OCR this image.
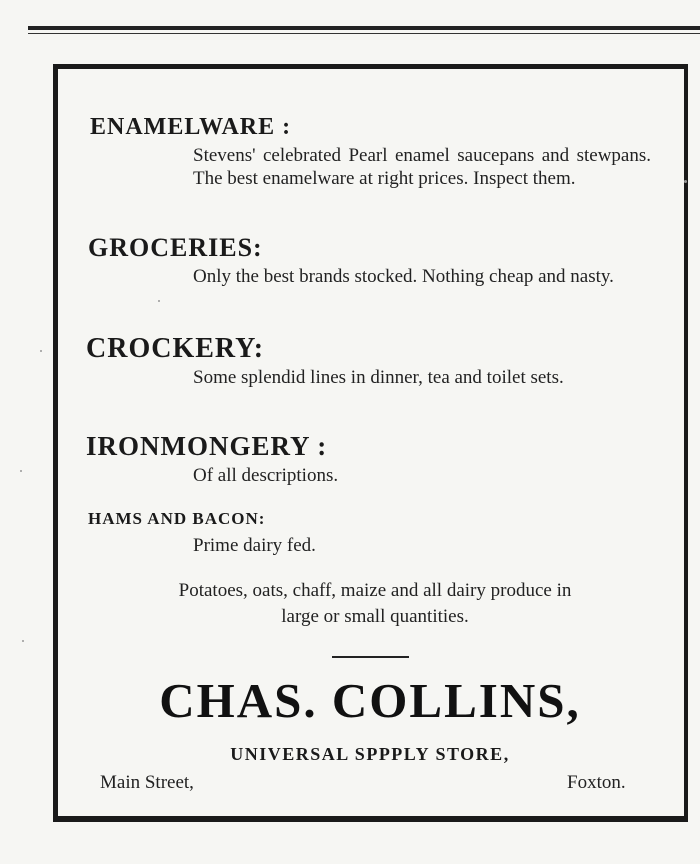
ENAMELWARE :
Stevens' celebrated Pearl enamel saucepans and stewpans. The best enamelware at right prices. Inspect them.
GROCERIES:
Only the best brands stocked. Nothing cheap and nasty.
CROCKERY:
Some splendid lines in dinner, tea and toilet sets.
IRONMONGERY :
Of all descriptions.
HAMS AND BACON:
Prime dairy fed.
Potatoes, oats, chaff, maize and all dairy produce in
large or small quantities.
CHAS. COLLINS,
UNIVERSAL SPPPLY STORE,
Main Street,	Foxton.
